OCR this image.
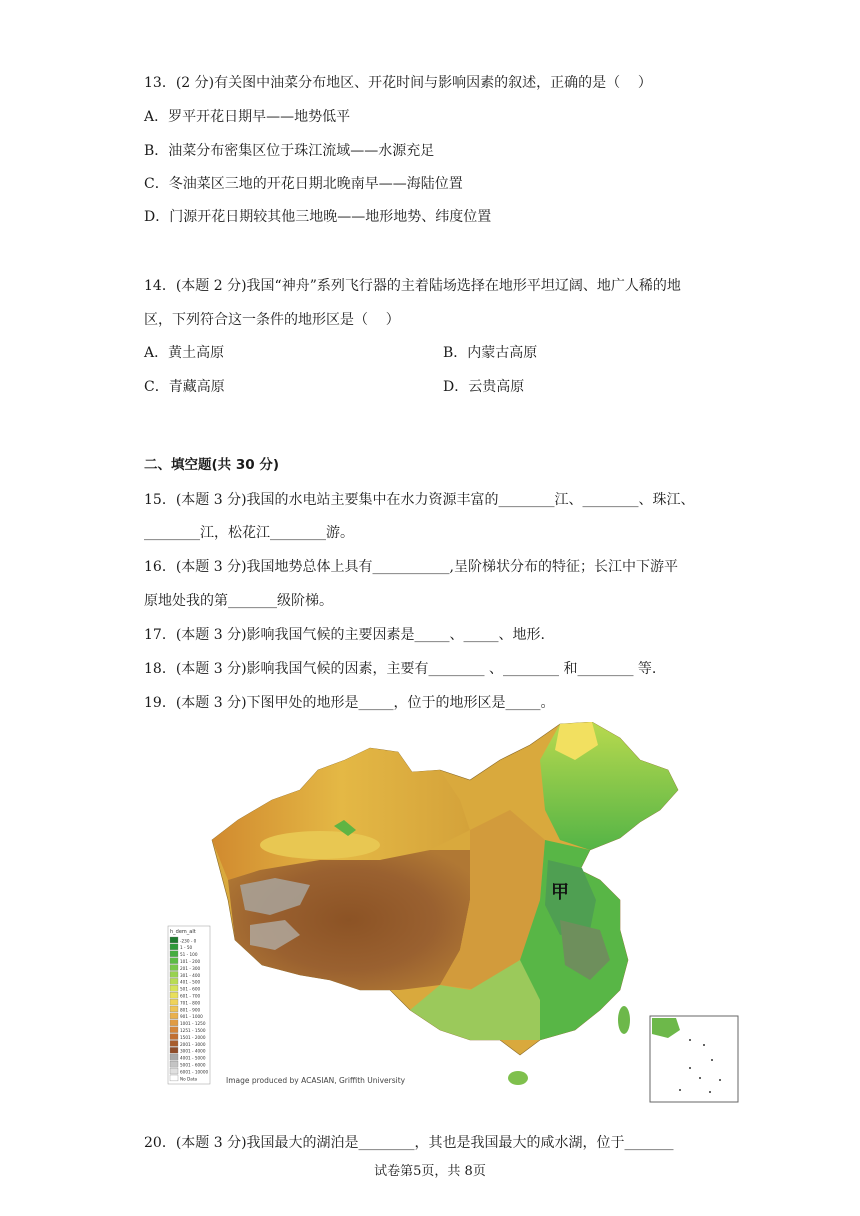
13．(2 分)有关图中油菜分布地区、开花时间与影响因素的叙述，正确的是（    ）
A．罗平开花日期早——地势低平
B．油菜分布密集区位于珠江流域——水源充足
C．冬油菜区三地的开花日期北晚南早——海陆位置
D．门源开花日期较其他三地晚——地形地势、纬度位置
14．(本题 2 分)我国“神舟”系列飞行器的主着陆场选择在地形平坦辽阔、地广人稀的地
区，下列符合这一条件的地形区是（    ）
A．黄土高原	B．内蒙古高原
C．青藏高原	D．云贵高原
二、填空题(共 30 分)
15．(本题 3 分)我国的水电站主要集中在水力资源丰富的________江、________、珠江、
________江，松花江________游。
16．(本题 3 分)我国地势总体上具有___________,呈阶梯状分布的特征；长江中下游平
原地处我的第_______级阶梯。
17．(本题 3 分)影响我国气候的主要因素是_____、_____、地形.
18．(本题 3 分)影响我国气候的因素，主要有________ 、________ 和________ 等.
19．(本题 3 分)下图甲处的地形是_____，位于的地形区是_____。
甲
h_dem_alt
-230 - 0
1 - 50
51 - 100
101 - 200
201 - 300
301 - 400
401 - 500
501 - 600
601 - 700
701 - 800
801 - 900
901 - 1000
1001 - 1250
1251 - 1500
1501 - 2000
2001 - 3000
3001 - 4000
4001 - 5000
5001 - 6000
6001 - 10000
No Data	Image produced by ACASIAN, Griffith University
20．(本题 3 分)我国最大的湖泊是________，其也是我国最大的咸水湖，位于_______
试卷第5页，共 8页
